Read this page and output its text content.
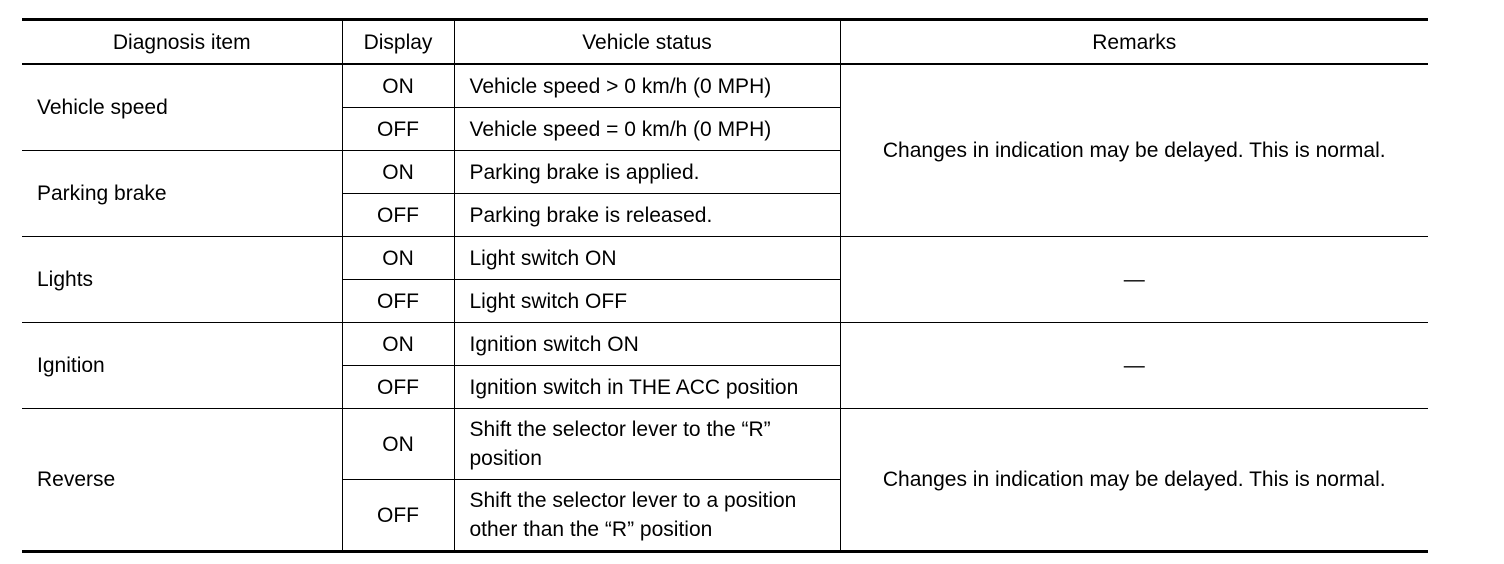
Diagnosis item	Display	Vehicle status	Remarks
Vehicle speed	ON	Vehicle speed > 0 km/h (0 MPH)	Changes in indication may be delayed. This is normal.
	OFF	Vehicle speed = 0 km/h (0 MPH)	
Parking brake	ON	Parking brake is applied.	
	OFF	Parking brake is released.	
Lights	ON	Light switch ON	—
	OFF	Light switch OFF	
Ignition	ON	Ignition switch ON	—
	OFF	Ignition switch in THE ACC position	
Reverse	ON	Shift the selector lever to the “R” position	Changes in indication may be delayed. This is normal.
	OFF	Shift the selector lever to a position other than the “R” position	
